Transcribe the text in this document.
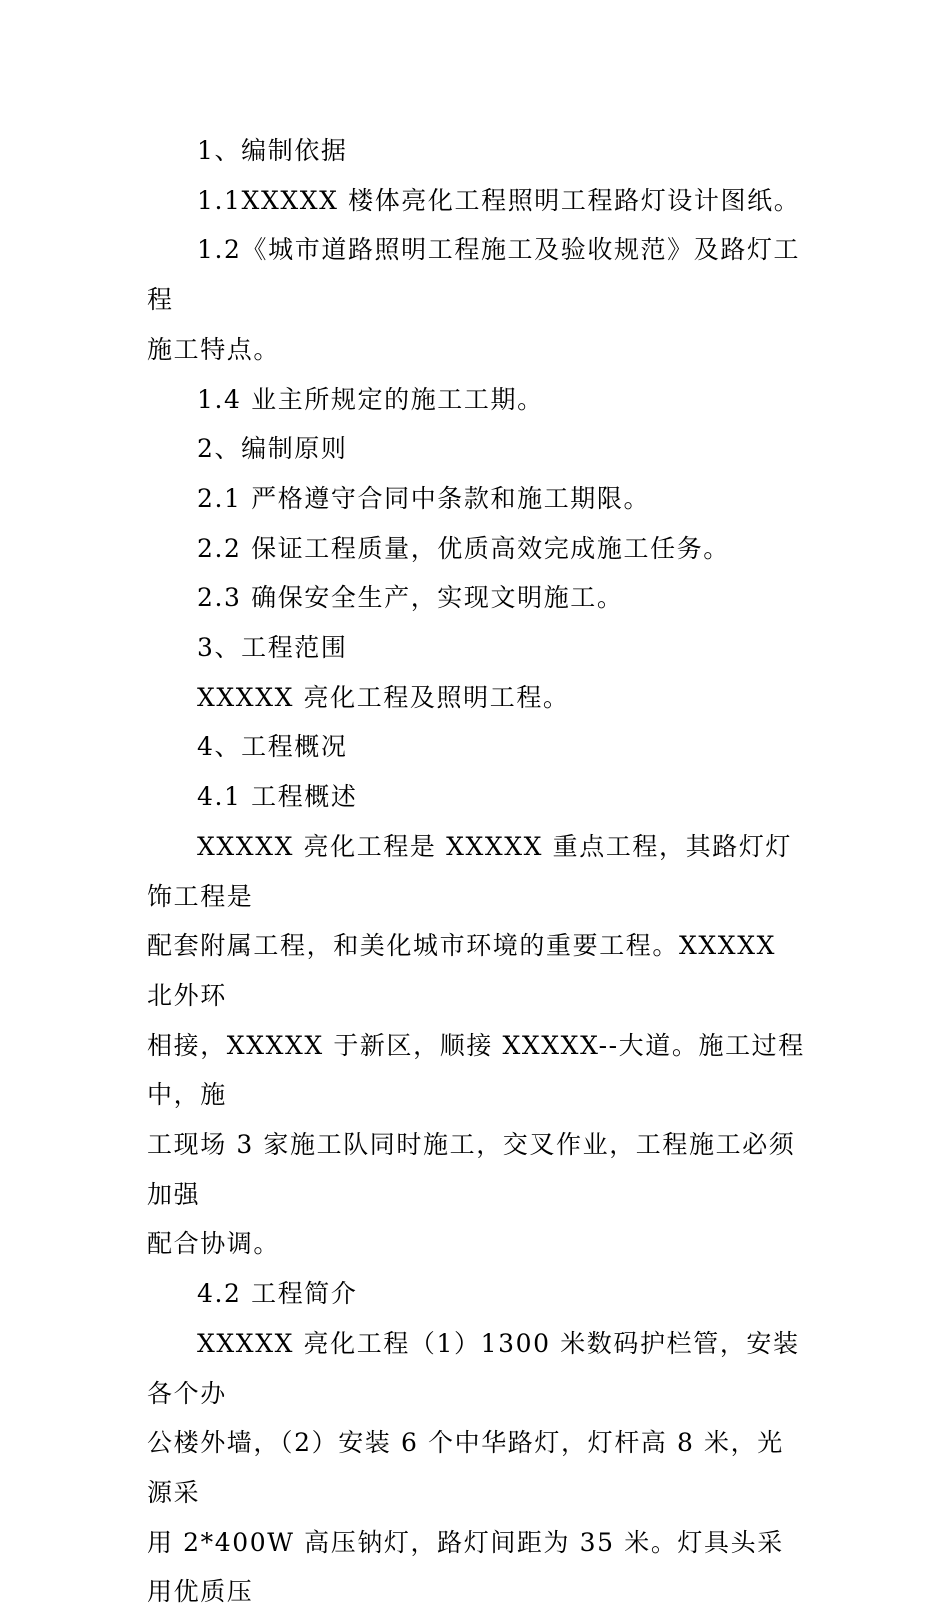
1、编制依据

1.1XXXXX 楼体亮化工程照明工程路灯设计图纸。

1.2《城市道路照明工程施工及验收规范》及路灯工程
施工特点。

1.4 业主所规定的施工工期。

2、编制原则

2.1 严格遵守合同中条款和施工期限。

2.2 保证工程质量，优质高效完成施工任务。

2.3 确保安全生产，实现文明施工。

3、工程范围

XXXXX 亮化工程及照明工程。

4、工程概况

4.1 工程概述

XXXXX 亮化工程是 XXXXX 重点工程，其路灯灯饰工程是
配套附属工程，和美化城市环境的重要工程。XXXXX 北外环
相接，XXXXX 于新区，顺接 XXXXX--大道。施工过程中，施
工现场 3 家施工队同时施工，交叉作业，工程施工必须加强
配合协调。

4.2 工程简介

XXXXX 亮化工程（1）1300 米数码护栏管，安装各个办
公楼外墙，（2）安装 6 个中华路灯，灯杆高 8 米，光源采
用 2*400W 高压钠灯，路灯间距为 35 米。灯具头采用优质压
